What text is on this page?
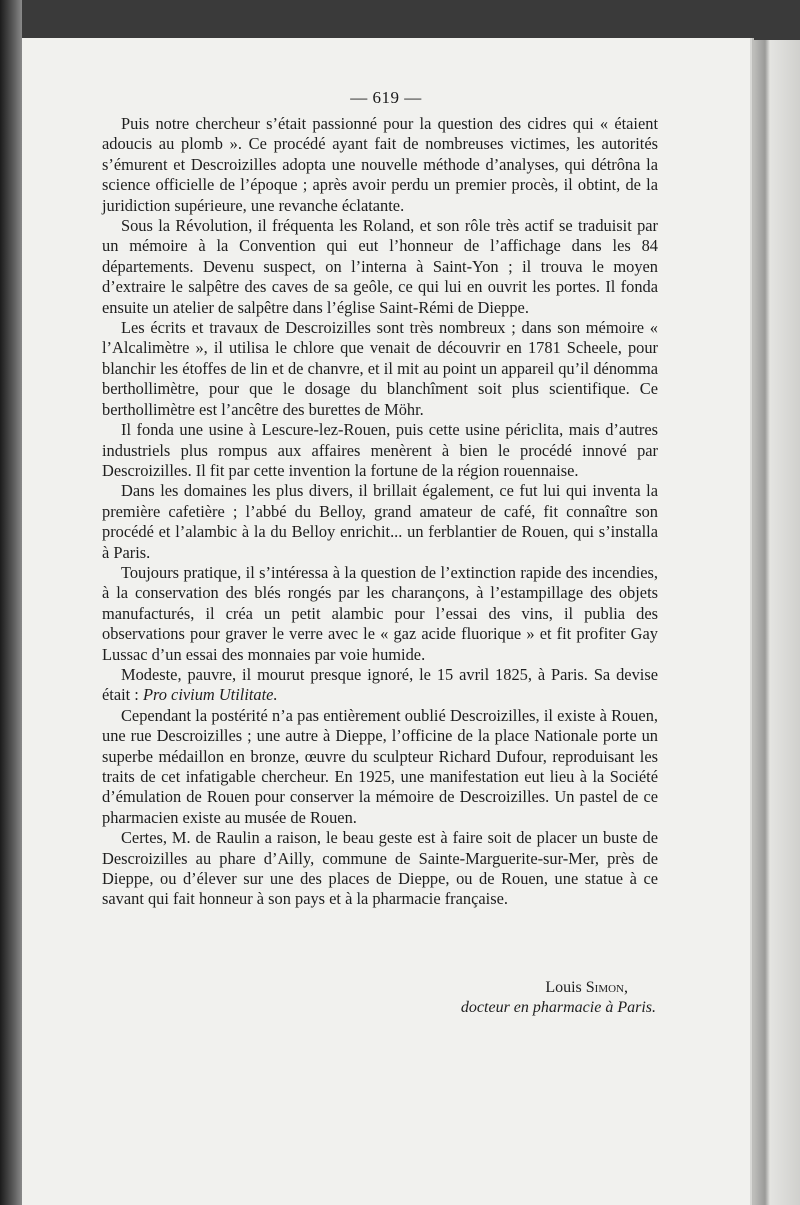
— 619 —

Puis notre chercheur s’était passionné pour la question des cidres qui « étaient adoucis au plomb ». Ce procédé ayant fait de nombreuses victimes, les autorités s’émurent et Descroizilles adopta une nouvelle méthode d’analyses, qui détrôna la science officielle de l’époque ; après avoir perdu un premier procès, il obtint, de la juridiction supérieure, une revanche éclatante.

Sous la Révolution, il fréquenta les Roland, et son rôle très actif se traduisit par un mémoire à la Convention qui eut l’honneur de l’affichage dans les 84 départements. Devenu suspect, on l’interna à Saint-Yon ; il trouva le moyen d’extraire le salpêtre des caves de sa geôle, ce qui lui en ouvrit les portes. Il fonda ensuite un atelier de salpêtre dans l’église Saint-Rémi de Dieppe.

Les écrits et travaux de Descroizilles sont très nombreux ; dans son mémoire « l’Alcalimètre », il utilisa le chlore que venait de découvrir en 1781 Scheele, pour blanchir les étoffes de lin et de chanvre, et il mit au point un appareil qu’il dénomma berthollimètre, pour que le dosage du blanchîment soit plus scientifique. Ce berthollimètre est l’ancêtre des burettes de Möhr.

Il fonda une usine à Lescure-lez-Rouen, puis cette usine périclita, mais d’autres industriels plus rompus aux affaires menèrent à bien le procédé innové par Descroizilles. Il fit par cette invention la fortune de la région rouennaise.

Dans les domaines les plus divers, il brillait également, ce fut lui qui inventa la première cafetière ; l’abbé du Belloy, grand amateur de café, fit connaître son procédé et l’alambic à la du Belloy enrichit... un ferblantier de Rouen, qui s’installa à Paris.

Toujours pratique, il s’intéressa à la question de l’extinction rapide des incendies, à la conservation des blés rongés par les charançons, à l’estampillage des objets manufacturés, il créa un petit alambic pour l’essai des vins, il publia des observations pour graver le verre avec le « gaz acide fluorique » et fit profiter Gay Lussac d’un essai des monnaies par voie humide.

Modeste, pauvre, il mourut presque ignoré, le 15 avril 1825, à Paris. Sa devise était : Pro civium Utilitate.

Cependant la postérité n’a pas entièrement oublié Descroizilles, il existe à Rouen, une rue Descroizilles ; une autre à Dieppe, l’officine de la place Nationale porte un superbe médaillon en bronze, œuvre du sculpteur Richard Dufour, reproduisant les traits de cet infatigable chercheur. En 1925, une manifestation eut lieu à la Société d’émulation de Rouen pour conserver la mémoire de Descroizilles. Un pastel de ce pharmacien existe au musée de Rouen.

Certes, M. de Raulin a raison, le beau geste est à faire soit de placer un buste de Descroizilles au phare d’Ailly, commune de Sainte-Marguerite-sur-Mer, près de Dieppe, ou d’élever sur une des places de Dieppe, ou de Rouen, une statue à ce savant qui fait honneur à son pays et à la pharmacie française.

Louis Simon,
docteur en pharmacie à Paris.
